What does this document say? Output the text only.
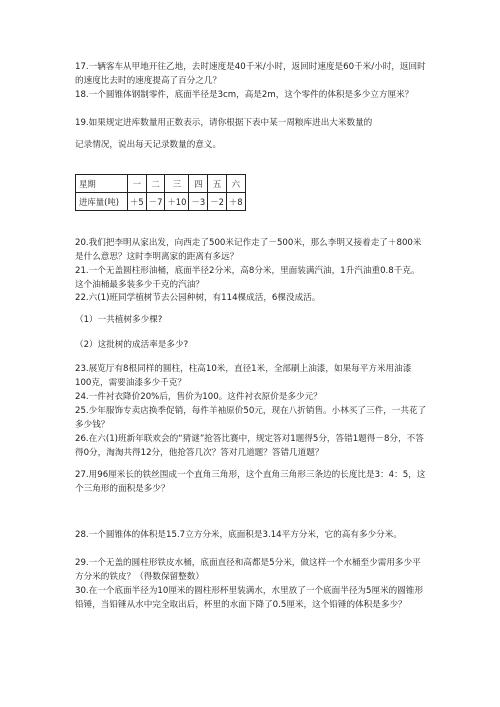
17.一辆客车从甲地开往乙地，去时速度是40千米/小时，返回时速度是60千米/小时，返回时的速度比去时的速度提高了百分之几？

18.一个圆锥体钢制零件，底面半径是3cm，高是2m，这个零件的体积是多少立方厘米？

19.如果规定进库数量用正数表示，请你根据下表中某一周粮库进出大米数量的

记录情况，说出每天记录数量的意义。

星期	一	二	三	四	五	六
进库量(吨)	＋5	－7	＋10	－3	－2	＋8

20.我们把李明从家出发，向西走了500米记作走了－500米，那么李明又接着走了＋800米是什么意思？这时李明离家的距离有多远？

21.一个无盖圆柱形油桶，底面半径2分米，高8分米，里面装满汽油，1升汽油重0.8千克。这个油桶最多装多少千克的汽油？

22.六(1)班同学植树节去公园种树，有114棵成活，6棵没成活。

（1）一共植树多少棵?

（2）这批树的成活率是多少?

23.展览厅有8根同样的圆柱，柱高10米，直径1米，全部刷上油漆，如果每平方米用油漆100克，需要油漆多少千克？

24.一件衬衣降价20%后，售价为100。这件衬衣原价是多少元？

25.少年服饰专卖店换季促销，每件羊袖原价50元，现在八折销售。小林买了三件，一共花了多少钱？

26.在六(1)班新年联欢会的“猜谜”抢答比赛中，规定答对1题得5分，答错1题得－8分，不答得0分，淘淘共得12分，他抢答几次？答对几道题？答错几道题？

27.用96厘米长的铁丝围成一个直角三角形，这个直角三角形三条边的长度比是3：4：5，这个三角形的面积是多少？

28.一个圆锥体的体积是15.7立方分米，底面积是3.14平方分米，它的高有多少分米。

29.一个无盖的圆柱形铁皮水桶，底面直径和高都是5分米，做这样一个水桶至少需用多少平方分米的铁皮？（得数保留整数）

30.在一个底面半径为10厘米的圆柱形杯里装满水，水里放了一个底面半径为5厘米的圆锥形铅锤，当铅锤从水中完全取出后，杯里的水面下降了0.5厘米，这个铅锤的体积是多少？
